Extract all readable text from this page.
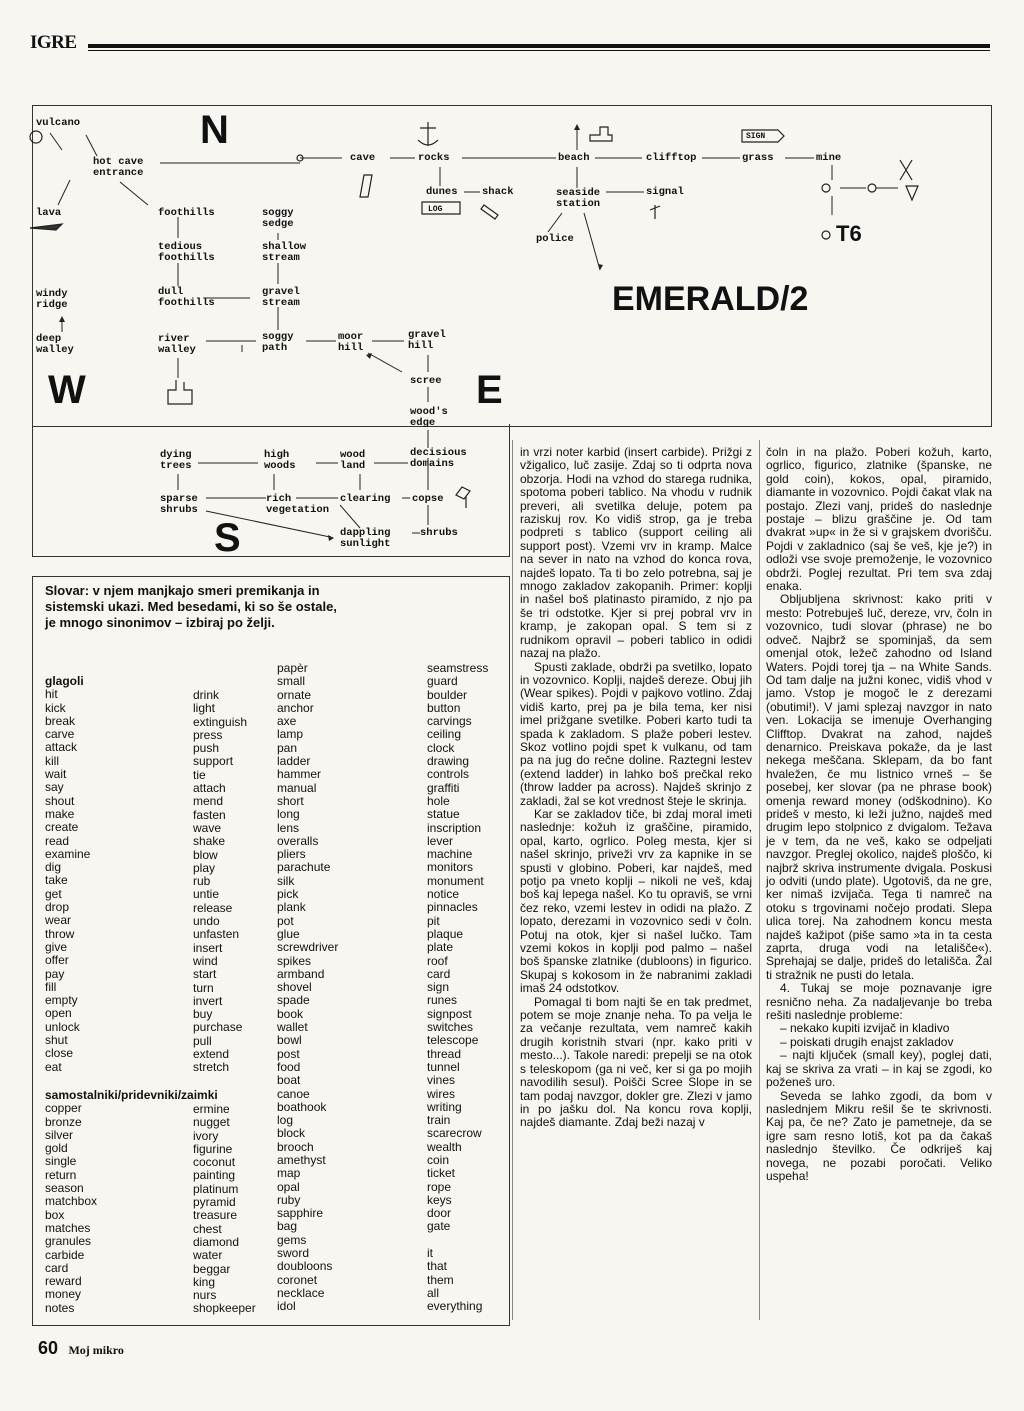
IGRE
N
W	E
S
EMERALD/2
SIGN
LOG
T6
vulcano
hot cave
entrance
lava
windy
ridge
deep
walley
foothills
tedious
foothills
dull
foothills
river
walley
soggy
sedge
shallow
stream
gravel
stream
soggy
path
moor
hill
gravel
hill
scree
wood's
edge
decisious
domains
wood
land
high
woods
dying
trees
sparse
shrubs
rich
vegetation
clearing copse
dappling
sunlight
shrubs
cave	rocks
dunes shack
beach
seaside
station
signal
police
clifftop	grass	mine
Slovar: v njem manjkajo smeri premikanja in sistemski ukazi. Med besedami, ki so še ostale, je mnogo sinonimov – izbiraj po želji.
glagoli
hit
kick
break
carve
attack
kill
wait
say
shout
make
create
read
examine
dig
take
get
drop
wear
throw
give
offer
pay
fill
empty
open
unlock
shut
close
eat
drink
light
extinguish
press
push
support
tie
attach
mend
fasten
wave
shake
blow
play
rub
untie
release
undo
unfasten
insert
wind
start
turn
invert
buy
purchase
pull
extend
stretch
papèr
small
ornate
anchor
axe
lamp
pan
ladder
hammer
manual
short
long
lens
overalls
pliers
parachute
silk
pick
plank
pot
glue
screwdriver
spikes
armband
shovel
spade
book
wallet
bowl
post
food
boat
canoe
boathook
log
block
brooch
amethyst
map
opal
ruby
sapphire
bag
gems
sword
doubloons
coronet
necklace
idol
seamstress
guard
boulder
button
carvings
ceiling
clock
drawing
controls
graffiti
hole
statue
inscription
lever
machine
monitors
monument
notice
pinnacles
pit
plaque
plate
roof
card
sign
runes
signpost
switches
telescope
thread
tunnel
vines
wires
writing
train
scarecrow
wealth
coin
ticket
rope
keys
door
gate

it
that
them
all
everything
samostalniki/pridevniki/zaimki
copper
bronze
silver
gold
single
return
season
matchbox
box
matches
granules
carbide
card
reward
money
notes
ermine
nugget
ivory
figurine
coconut
painting
platinum
pyramid
treasure
chest
diamond
water
beggar
king
nurs
shopkeeper

in vrzi noter karbid (insert carbide). Prižgi z vžigalico, luč zasije. Zdaj so ti odprta nova obzorja. Hodi na vzhod do starega rudnika, spotoma poberi tablico. Na vhodu v rudnik preveri, ali svetilka deluje, potem pa raziskuj rov. Ko vidiš strop, ga je treba podpreti s tablico (support ceiling ali support post). Vzemi vrv in kramp. Malce na sever in nato na vzhod do konca rova, najdeš lopato. Ta ti bo zelo potrebna, saj je mnogo zakladov zakopanih. Primer: koplji in našel boš platinasto piramido, z njo pa še tri odstotke. Kjer si prej pobral vrv in kramp, je zakopan opal. S tem si z rudnikom opravil – poberi tablico in odidi nazaj na plažo.

Spusti zaklade, obdrži pa svetilko, lopato in vozovnico. Koplji, najdeš dereze. Obuj jih (Wear spikes). Pojdi v pajkovo votlino. Zdaj vidiš karto, prej pa je bila tema, ker nisi imel prižgane svetilke. Poberi karto tudi ta spada k zakladom. S plaže poberi lestev. Skoz votlino pojdi spet k vulkanu, od tam pa na jug do rečne doline. Raztegni lestev (extend ladder) in lahko boš prečkal reko (throw ladder pa across). Najdeš skrinjo z zakladi, žal se kot vrednost šteje le skrinja.

Kar se zakladov tiče, bi zdaj moral imeti naslednje: kožuh iz graščine, piramido, opal, karto, ogrlico. Poleg mesta, kjer si našel skrinjo, priveži vrv za kapnike in se spusti v globino. Poberi, kar najdeš, med potjo pa vneto koplji – nikoli ne veš, kdaj boš kaj lepega našel. Ko tu opraviš, se vrni čez reko, vzemi lestev in odidi na plažo. Z lopato, derezami in vozovnico sedi v čoln. Potuj na otok, kjer si našel lučko. Tam vzemi kokos in koplji pod palmo – našel boš španske zlatnike (dubloons) in figurico. Skupaj s kokosom in že nabranimi zakladi imaš 24 odstotkov.

Pomagal ti bom najti še en tak predmet, potem se moje znanje neha. To pa velja le za večanje rezultata, vem namreč kakih drugih koristnih stvari (npr. kako priti v mesto...). Takole naredi: prepelji se na otok s teleskopom (ga ni več, ker si ga po mojih navodilih sesul). Poišči Scree Slope in se tam podaj navzgor, dokler gre. Zlezi v jamo in po jašku dol. Na koncu rova koplji, najdeš diamante. Zdaj beži nazaj v

čoln in na plažo. Poberi kožuh, karto, ogrlico, figurico, zlatnike (španske, ne gold coin), kokos, opal, piramido, diamante in vozovnico. Pojdi čakat vlak na postajo. Zlezi vanj, prideš do naslednje postaje – blizu graščine je. Od tam dvakrat »up« in že si v grajskem dvorišču. Pojdi v zakladnico (saj še veš, kje je?) in odloži vse svoje premoženje, le vozovnico obdrži. Poglej rezultat. Pri tem sva zdaj enaka.

Obljubljena skrivnost: kako priti v mesto: Potrebuješ luč, dereze, vrv, čoln in vozovnico, tudi slovar (phrase) ne bo odveč. Najbrž se spominjaš, da sem omenjal otok, ležeč zahodno od Island Waters. Pojdi torej tja – na White Sands. Od tam dalje na južni konec, vidiš vhod v jamo. Vstop je mogoč le z derezami (obutimi!). V jami splezaj navzgor in nato ven. Lokacija se imenuje Overhanging Clifftop. Dvakrat na zahod, najdeš denarnico. Preiskava pokaže, da je last nekega meščana. Sklepam, da bo fant hvaležen, če mu listnico vrneš – še posebej, ker slovar (pa ne phrase book) omenja reward money (odškodnino). Ko prideš v mesto, ki leži južno, najdeš med drugim lepo stolpnico z dvigalom. Težava je v tem, da ne veš, kako se odpeljati navzgor. Preglej okolico, najdeš ploščo, ki najbrž skriva instrumente dvigala. Poskusi jo odviti (undo plate). Ugotoviš, da ne gre, ker nimaš izvijača. Tega ti namreč na otoku s trgovinami nočejo prodati. Slepa ulica torej. Na zahodnem koncu mesta najdeš kažipot (piše samo »ta in ta cesta zaprta, druga vodi na letališče«). Sprehajaj se dalje, prideš do letališča. Žal ti stražnik ne pusti do letala.

4. Tukaj se moje poznavanje igre resnično neha. Za nadaljevanje bo treba rešiti naslednje probleme:

– nekako kupiti izvijač in kladivo

– poiskati drugih enajst zakladov

– najti ključek (small key), poglej dati, kaj se skriva za vrati – in kaj se zgodi, ko poženeš uro.

Seveda se lahko zgodi, da bom v naslednjem Mikru rešil še te skrivnosti. Kaj pa, če ne? Zato je pametneje, da se igre sam resno lotiš, kot pa da čakaš naslednjo številko. Če odkriješ kaj novega, ne pozabi poročati. Veliko uspeha!

60 Moj mikro
